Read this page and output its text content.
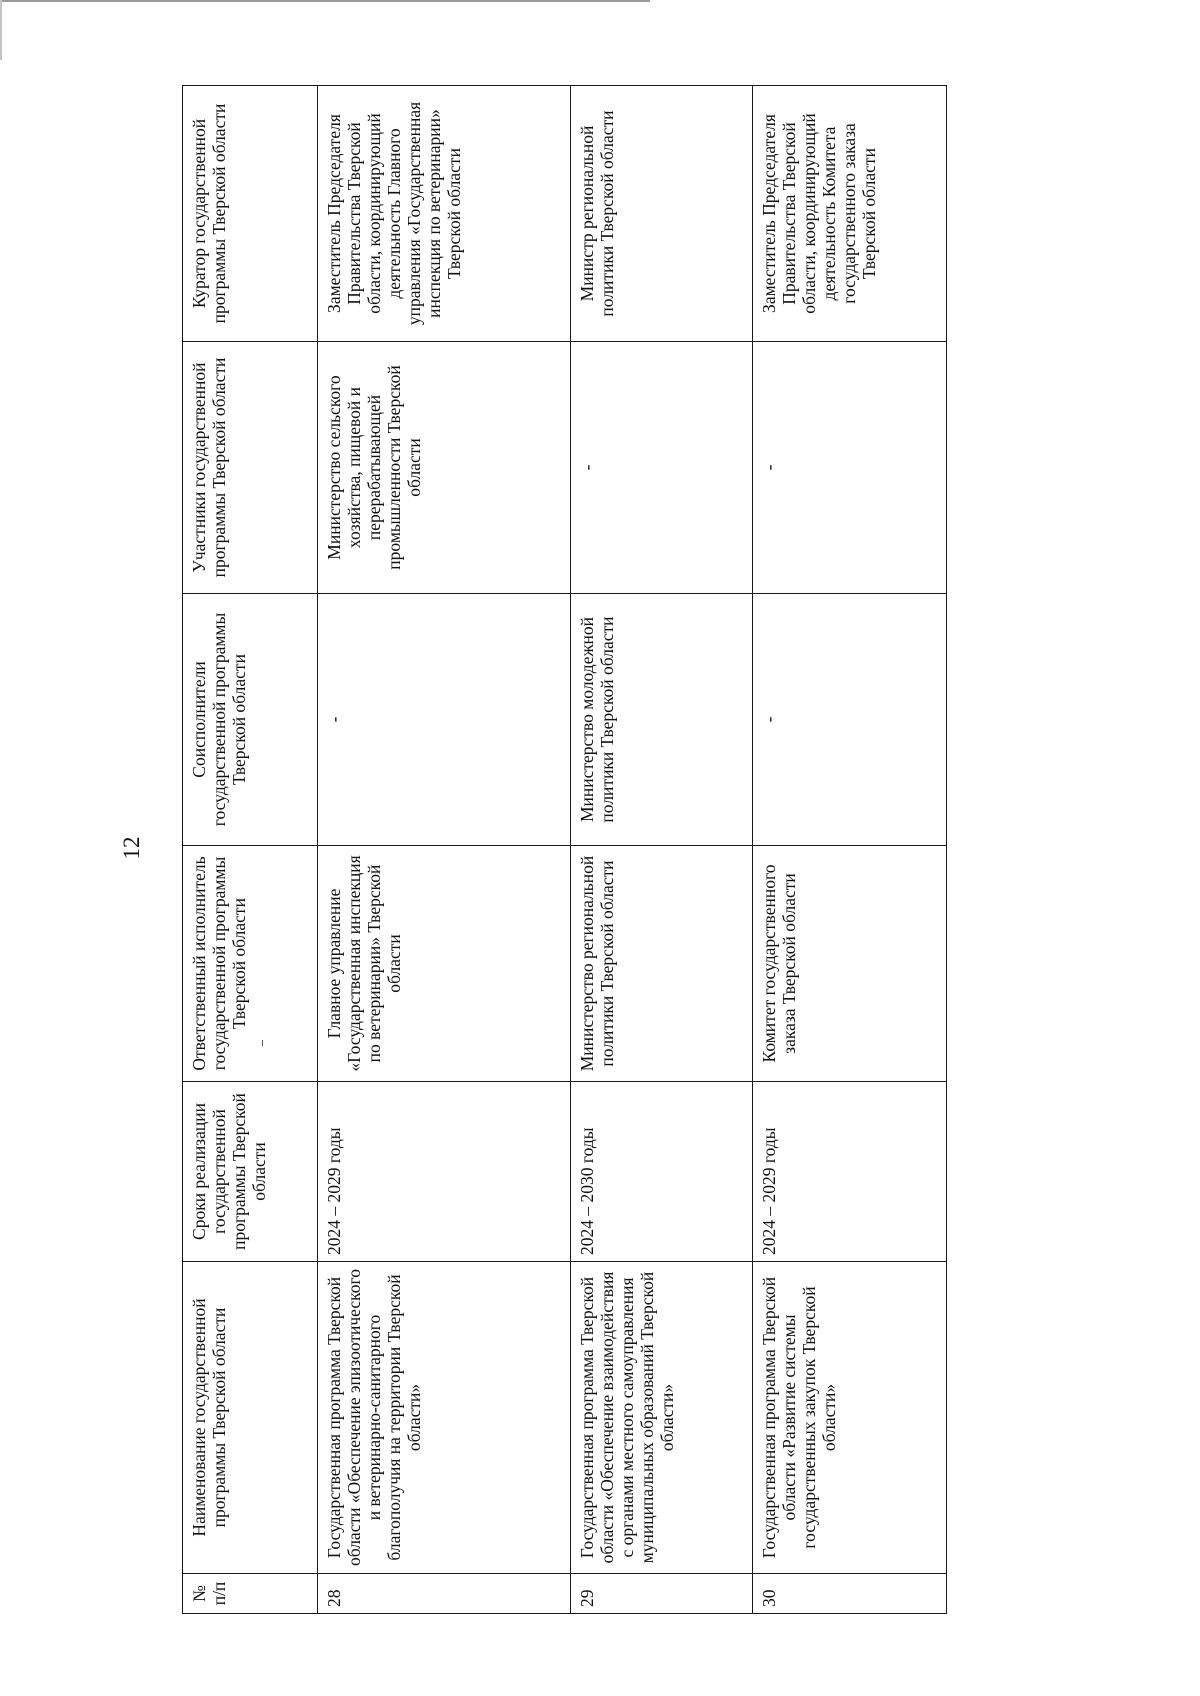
12
№
п/п	Наименование государственной программы Тверской области	Сроки реализации государственной программы Тверской области	Ответственный исполнитель государственной программы Тверской области	Соисполнители государственной программы Тверской области	Участники государственной программы Тверской области	Куратор государственной программы Тверской области
28	Государственная программа Тверской области «Обеспечение эпизоотического и ветеринарно-санитарного благополучия на территории Тверской области»	2024 – 2029 годы	Главное управление «Государственная инспекция по ветеринарии» Тверской области	-	Министерство сельского хозяйства, пищевой и перерабатывающей промышленности Тверской области	Заместитель Председателя Правительства Тверской области, координирующий деятельность Главного управления «Государственная инспекция по ветеринарии» Тверской области
29	Государственная программа Тверской области «Обеспечение взаимодействия с органами местного самоуправления муниципальных образований Тверской области»	2024 – 2030 годы	Министерство региональной политики Тверской области	Министерство молодежной политики Тверской области	-	Министр региональной политики Тверской области
30	Государственная программа Тверской области «Развитие системы государственных закупок Тверской области»	2024 – 2029 годы	Комитет государственного заказа Тверской области	-	-	Заместитель Председателя Правительства Тверской области, координирующий деятельность Комитета государственного заказа Тверской области
